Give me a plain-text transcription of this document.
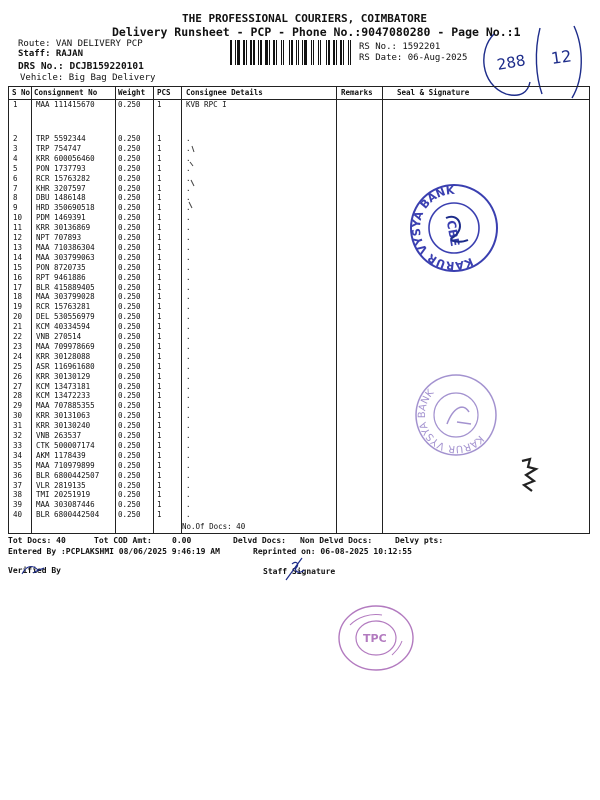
THE PROFESSIONAL COURIERS, COIMBATORE
Delivery Runsheet - PCP - Phone No.:9047080280 - Page No.:1
Route: VAN DELIVERY PCP
Staff: RAJAN
DRS No.: DCJB159220101
Vehicle: Big Bag Delivery
RS No.: 1592201
RS Date: 06-Aug-2025 288 12
S No Consignment No	Weight PCS Consignee Details	Remarks	Seal & Signature
1 MAA 111415670	0.250 1	KVB RPC I
2 TRP 5592344	0.250 1	.
3 TRP 754747	0.250 1	.
4 KRR 600056460	0.250 1	.
5 PON 1737793	0.250 1	.
6 RCR 15763282	0.250 1	.
7 KHR 3207597	0.250 1	.
8 DBU 1486148	0.250 1	.
9 HRD 350690518	0.250 1	.
10 PDM 1469391	0.250 1	.
11 KRR 30136869	0.250 1	.
12 NPT 707893	0.250 1	.
13 MAA 710386304	0.250 1	.
14 MAA 303799063	0.250 1	.
15 PON 8720735	0.250 1	.
16 RPT 9461886	0.250 1	.
17 BLR 415889405	0.250 1	.
18 MAA 303799028	0.250 1	.
19 RCR 15763281	0.250 1	.
20 DEL 530556979	0.250 1	.
21 KCM 40334594	0.250 1	.
22 VNB 270514	0.250 1	.
23 MAA 709978669	0.250 1	.
24 KRR 30128088	0.250 1	.
25 ASR 116961680	0.250 1	.
26 KRR 30130129	0.250 1	.
27 KCM 13473181	0.250 1	.
28 KCM 13472233	0.250 1	.
29 MAA 707885355	0.250 1	.
30 KRR 30131063	0.250 1	.
31 KRR 30130240	0.250 1	.
32 VNB 263537	0.250 1	.
33 CTK 500007174	0.250 1	.
34 AKM 1178439	0.250 1	.
35 MAA 710979899	0.250 1	.
36 BLR 6800442507	0.250 1	.
37 VLR 2819135	0.250 1	.
38 TMI 20251919	0.250 1	.
39 MAA 303087446	0.250 1	.
40 BLR 6800442504	0.250 1	.
No.Of Docs: 40
KARUR VYSYA BANK
CBE
KARUR VYSYA BANK
TPC
Tot Docs: 40	Tot COD Amt:	0.00	Delvd Docs: Non Delvd Docs:	Delvy pts:
Entered By :PCPLAKSHMI 08/06/2025 9:46:19 AM	Reprinted on: 06-08-2025 10:12:55
Verified By	Staff Signature
